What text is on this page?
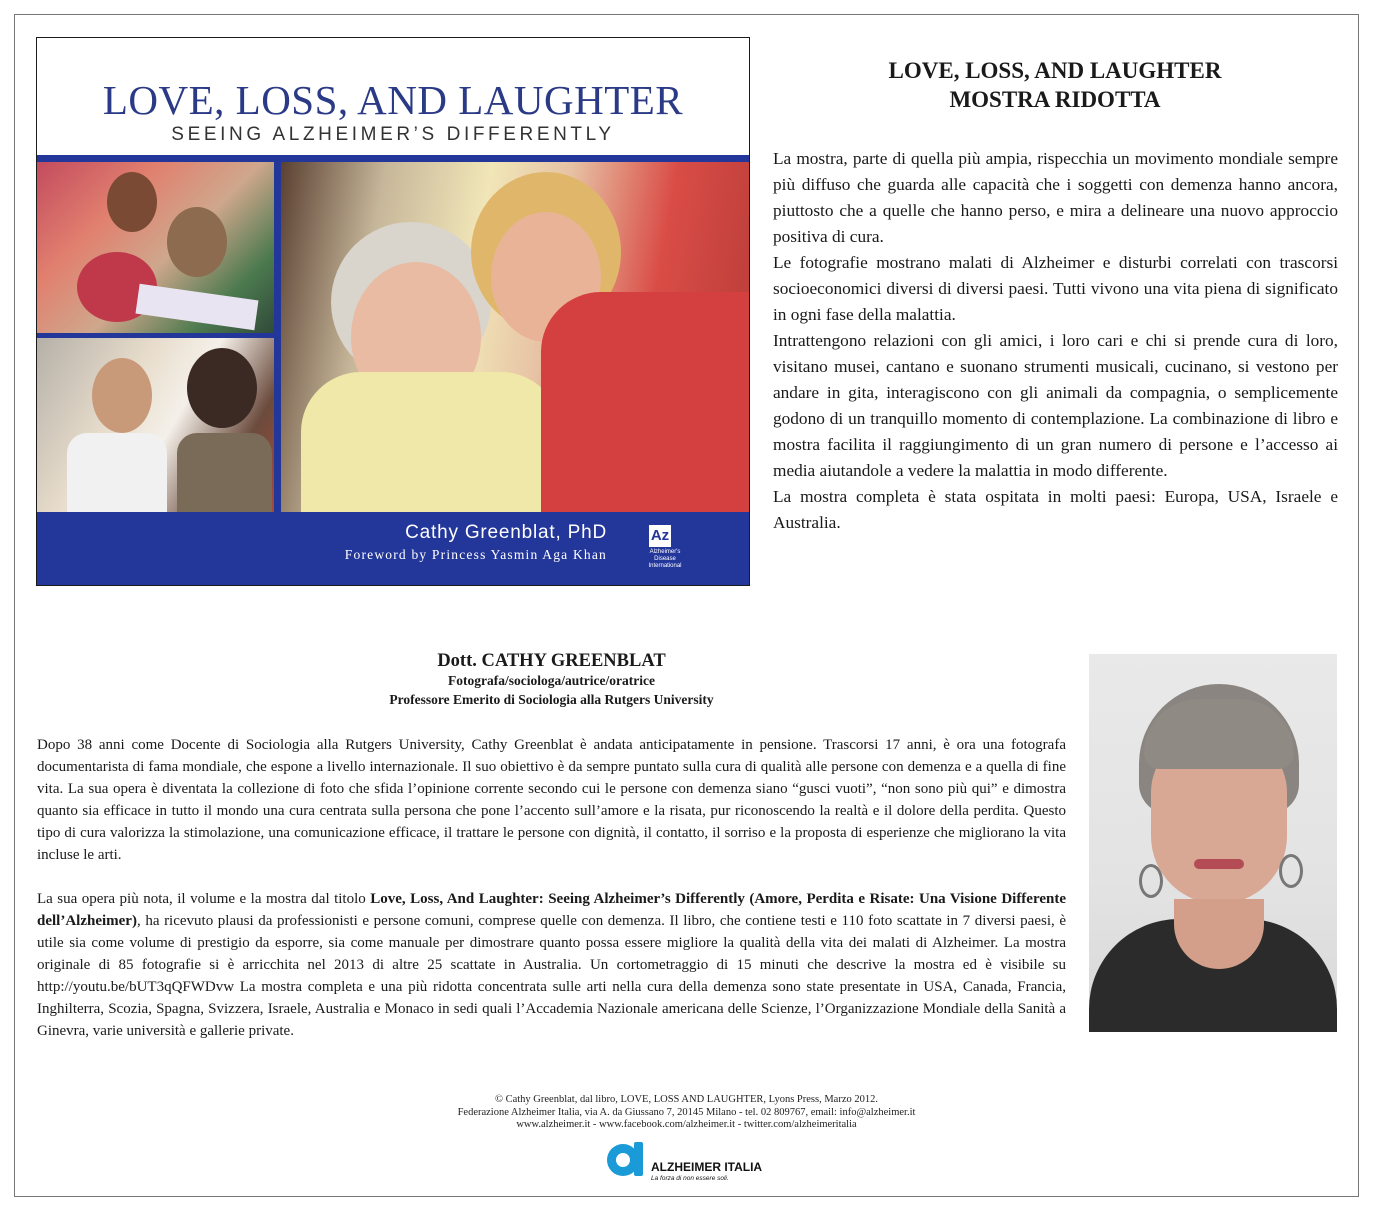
LOVE, LOSS, AND LAUGHTER
SEEING ALZHEIMER’S DIFFERENTLY
Cathy Greenblat, PhD
Foreword by Princess Yasmin Aga Khan
Az
Alzheimer's Disease International
LOVE, LOSS, AND LAUGHTER
MOSTRA RIDOTTA

La mostra, parte di quella più ampia, rispecchia un movimento mondiale sempre più diffuso che guarda alle capacità che i soggetti con demenza hanno ancora, piuttosto che a quelle che hanno perso, e mira a delineare una nuovo approccio positiva di cura.

Le fotografie mostrano malati di Alzheimer e disturbi correlati con trascorsi socioeconomici diversi di diversi paesi. Tutti vivono una vita piena di significato in ogni fase della malattia.

Intrattengono relazioni con gli amici, i loro cari e chi si prende cura di loro, visitano musei, cantano e suonano strumenti musicali, cucinano, si vestono per andare in gita, interagiscono con gli animali da compagnia, o semplicemente godono di un tranquillo momento di contemplazione. La combinazione di libro e mostra facilita il raggiungimento di un gran numero di persone e l’accesso ai media aiutandole a vedere la malattia in modo differente.

La mostra completa è stata ospitata in molti paesi: Europa, USA, Israele e Australia.

Dott. CATHY GREENBLAT
Fotografa/sociologa/autrice/oratrice
Professore Emerito di Sociologia alla Rutgers University

Dopo 38 anni come Docente di Sociologia alla Rutgers University, Cathy Greenblat è andata anticipatamente in pensione. Trascorsi 17 anni, è ora una fotografa documentarista di fama mondiale, che espone a livello internazionale. Il suo obiettivo è da sempre puntato sulla cura di qualità alle persone con demenza e a quella di fine vita. La sua opera è diventata la collezione di foto che sfida l’opinione corrente secondo cui le persone con demenza siano “gusci vuoti”, “non sono più qui” e dimostra quanto sia efficace in tutto il mondo una cura centrata sulla persona che pone l’accento sull’amore e la risata, pur riconoscendo la realtà e il dolore della perdita. Questo tipo di cura valorizza la stimolazione, una comunicazione efficace, il trattare le persone con dignità, il contatto, il sorriso e la proposta di esperienze che migliorano la vita incluse le arti.

La sua opera più nota, il volume e la mostra dal titolo Love, Loss, And Laughter: Seeing Alzheimer’s Differently (Amore, Perdita e Risate: Una Visione Differente dell’Alzheimer), ha ricevuto plausi da professionisti e persone comuni, comprese quelle con demenza. Il libro, che contiene testi e 110 foto scattate in 7 diversi paesi, è utile sia come volume di prestigio da esporre, sia come manuale per dimostrare quanto possa essere migliore la qualità della vita dei malati di Alzheimer. La mostra originale di 85 fotografie si è arricchita nel 2013 di altre 25 scattate in Australia. Un cortometraggio di 15 minuti che descrive la mostra ed è visibile su http://youtu.be/bUT3qQFWDvw La mostra completa e una più ridotta concentrata sulle arti nella cura della demenza sono state presentate in USA, Canada, Francia, Inghilterra, Scozia, Spagna, Svizzera, Israele, Australia e Monaco in sedi quali l’Accademia Nazionale americana delle Scienze, l’Organizzazione Mondiale della Sanità a Ginevra, varie università e gallerie private.

© Cathy Greenblat, dal libro, LOVE, LOSS AND LAUGHTER, Lyons Press, Marzo 2012.
Federazione Alzheimer Italia, via A. da Giussano 7, 20145 Milano - tel. 02 809767, email: info@alzheimer.it
www.alzheimer.it - www.facebook.com/alzheimer.it - twitter.com/alzheimeritalia
ALZHEIMER ITALIA
La forza di non essere soli.
